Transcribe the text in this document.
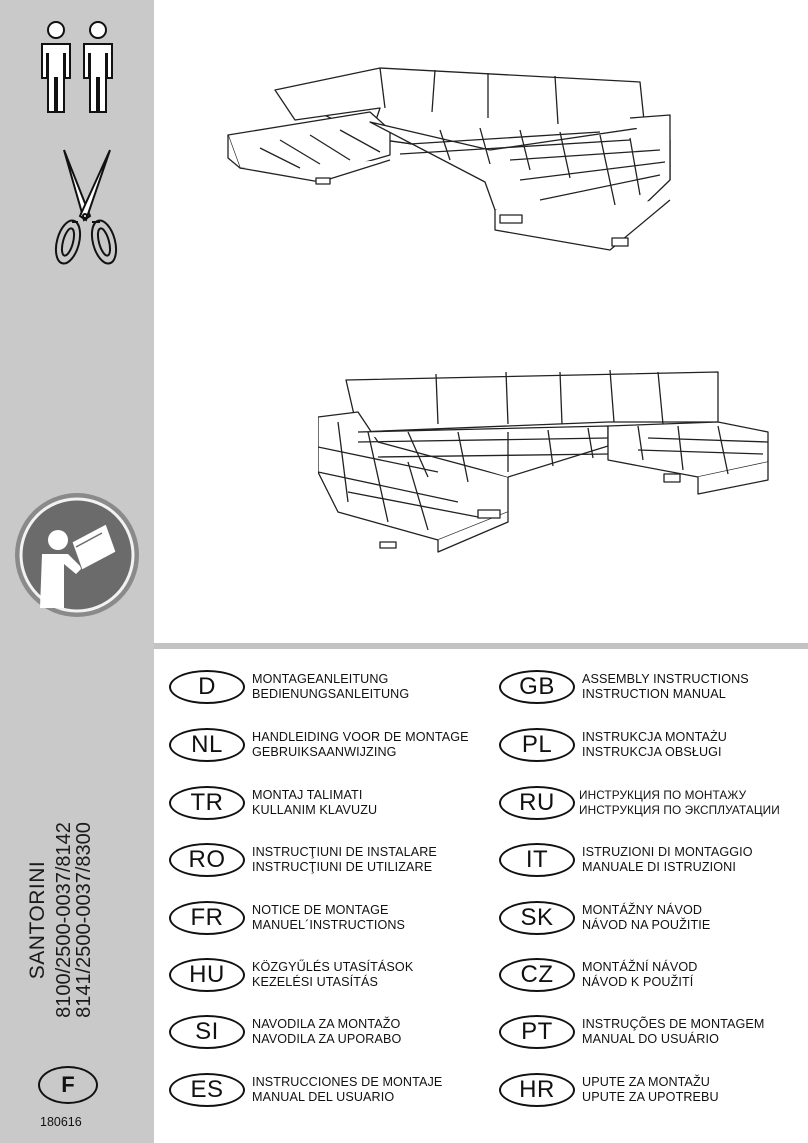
SANTORINI 8100/2500-0037/8142
8141/2500-0037/8300
F
180616
D	MONTAGEANLEITUNG
BEDIENUNGSANLEITUNG
NL	HANDLEIDING VOOR DE MONTAGE
GEBRUIKSAANWIJZING
TR	MONTAJ TALIMATI
KULLANIM KLAVUZU
RO	INSTRUCŢIUNI DE INSTALARE
INSTRUCŢIUNI DE UTILIZARE
FR	NOTICE DE MONTAGE
MANUEL´INSTRUCTIONS
HU	KÖZGYŰLÉS UTASÍTÁSOK
KEZELÉSI UTASÍTÁS
SI	NAVODILA ZA MONTAŽO
NAVODILA ZA UPORABO
ES	INSTRUCCIONES DE MONTAJE
MANUAL DEL USUARIO
GB	ASSEMBLY INSTRUCTIONS
INSTRUCTION MANUAL
PL	INSTRUKCJA MONTAŻU
INSTRUKCJA OBSŁUGI
RU	ИНСТРУКЦИЯ ПО МОНТАЖУ
ИНСТРУКЦИЯ ПО ЭКСПЛУАТАЦИИ
IT	ISTRUZIONI DI MONTAGGIO
MANUALE DI ISTRUZIONI
SK	MONTÁŽNY NÁVOD
NÁVOD NA POUŽITIE
CZ	MONTÁŽNÍ NÁVOD
NÁVOD K POUŽITÍ
PT	INSTRUÇÕES DE MONTAGEM
MANUAL DO USUÁRIO
HR	UPUTE ZA MONTAŽU
UPUTE ZA UPOTREBU
